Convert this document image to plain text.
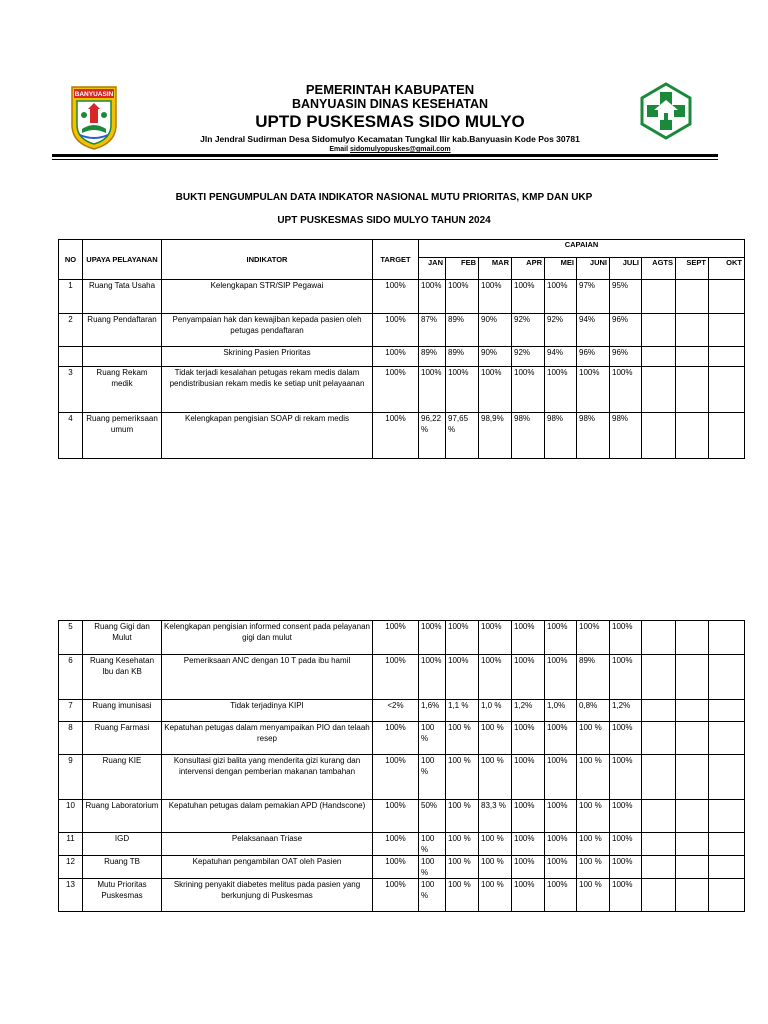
BANYUASIN	PEMERINTAH KABUPATEN
BANYUASIN DINAS KESEHATAN
UPTD PUSKESMAS SIDO MULYO
Jln Jendral Sudirman Desa Sidomulyo Kecamatan Tungkal Ilir kab.Banyuasin Kode Pos 30781
Email sidomulyopuskes@gmail.com
BUKTI PENGUMPULAN DATA INDIKATOR NASIONAL MUTU PRIORITAS, KMP DAN UKP
UPT PUSKESMAS SIDO MULYO TAHUN 2024
NO	UPAYA PELAYANAN	INDIKATOR	TARGET	CAPAIAN									
				JAN	FEB	MAR	APR	MEI	JUNI	JULI	AGTS	SEPT	OKT
1	Ruang Tata Usaha	Kelengkapan STR/SIP Pegawai	100%	100%	100%	100%	100%	100%	97%	95%			
2	Ruang Pendaftaran	Penyampaian hak dan kewajiban kepada pasien oleh petugas pendaftaran	100%	87%	89%	90%	92%	92%	94%	96%			
		Skrining Pasien Prioritas	100%	89%	89%	90%	92%	94%	96%	96%			
3	Ruang Rekam medik	Tidak terjadi kesalahan petugas rekam medis dalam pendistribusian rekam medis ke setiap unit pelayaanan	100%	100%	100%	100%	100%	100%	100%	100%			
4	Ruang pemeriksaan umum	Kelengkapan pengisian SOAP di rekam medis	100%	96,22 %	97,65 %	98,9%	98%	98%	98%	98%			
5	Ruang Gigi dan Mulut	Kelengkapan pengisian informed consent pada pelayanan gigi dan mulut	100%	100%	100%	100%	100%	100%	100%	100%			
6	Ruang Kesehatan Ibu dan KB	Pemeriksaan ANC dengan 10 T pada ibu hamil	100%	100%	100%	100%	100%	100%	89%	100%			
7	Ruang imunisasi	Tidak terjadinya KIPI	<2%	1,6%	1,1 %	1,0 %	1,2%	1,0%	0,8%	1,2%			
8	Ruang Farmasi	Kepatuhan petugas dalam menyampaikan PIO dan telaah resep	100%	100 %	100 %	100 %	100%	100%	100 %	100%			
9	Ruang KIE	Konsultasi gizi balita yang menderita gizi kurang dan intervensi dengan pemberian makanan tambahan	100%	100 %	100 %	100 %	100%	100%	100 %	100%			
10	Ruang Laboratorium	Kepatuhan petugas dalam pemakian APD (Handscone)	100%	50%	100 %	83,3 %	100%	100%	100 %	100%			
11	IGD	Pelaksanaan Triase	100%	100 %	100 %	100 %	100%	100%	100 %	100%			
12	Ruang TB	Kepatuhan pengambilan OAT oleh Pasien	100%	100 %	100 %	100 %	100%	100%	100 %	100%			
13	Mutu Prioritas Puskesmas	Skrining penyakit diabetes melitus pada pasien yang berkunjung di Puskesmas	100%	100 %	100 %	100 %	100%	100%	100 %	100%			
